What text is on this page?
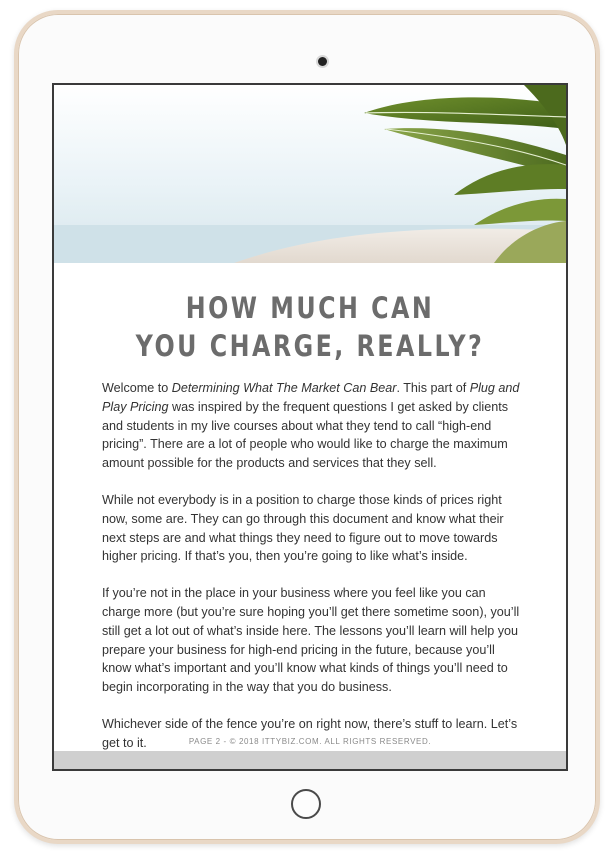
HOW MUCH CAN
YOU CHARGE, REALLY?

Welcome to Determining What The Market Can Bear. This part of Plug and Play Pricing was inspired by the frequent questions I get asked by clients and students in my live courses about what they tend to call “high-end pricing”. There are a lot of people who would like to charge the maximum amount possible for the products and services that they sell.

While not everybody is in a position to charge those kinds of prices right now, some are. They can go through this document and know what their next steps are and what things they need to figure out to move towards higher pricing. If that’s you, then you’re going to like what’s inside.

If you’re not in the place in your business where you feel like you can charge more (but you’re sure hoping you’ll get there sometime soon), you’ll still get a lot out of what’s inside here. The lessons you’ll learn will help you prepare your business for high-end pricing in the future, because you’ll know what’s important and you’ll know what kinds of things you’ll need to begin incorporating in the way that you do business.

Whichever side of the fence you’re on right now, there’s stuff to learn. Let’s get to it.	PAGE 2 - © 2018 ITTYBIZ.COM. ALL RIGHTS RESERVED.
